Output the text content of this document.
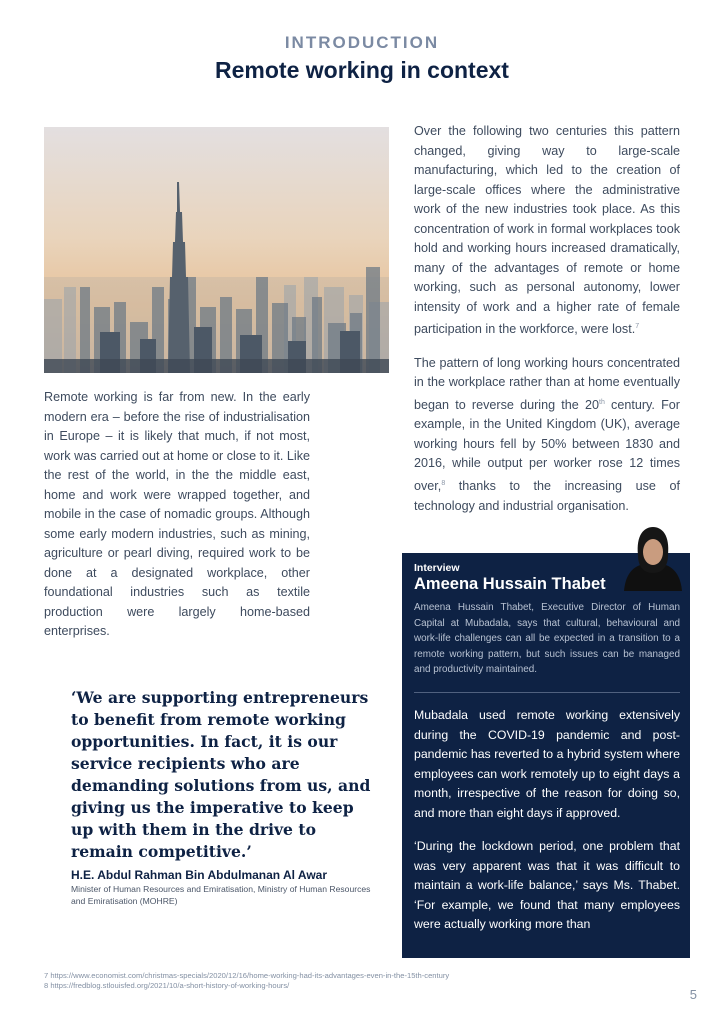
INTRODUCTION
Remote working in context

Remote working is far from new. In the early modern era – before the rise of industrialisation in Europe – it is likely that much, if not most, work was carried out at home or close to it. Like the rest of the world, in the the middle east, home and work were wrapped together, and mobile in the case of nomadic groups. Although some early modern industries, such as mining, agriculture or pearl diving, required work to be done at a designated workplace, other foundational industries such as textile production were largely home-based enterprises.

Over the following two centuries this pattern changed, giving way to large-scale manufacturing, which led to the creation of large-scale offices where the administrative work of the new industries took place. As this concentration of work in formal workplaces took hold and working hours increased dramatically, many of the advantages of remote or home working, such as personal autonomy, lower intensity of work and a higher rate of female participation in the workforce, were lost.$^7$

The pattern of long working hours concentrated in the workplace rather than at home eventually began to reverse during the 20th century. For example, in the United Kingdom (UK), average working hours fell by 50% between 1830 and 2016, while output per worker rose 12 times over,$^8$ thanks to the increasing use of technology and industrial organisation.

‘We are supporting entrepreneurs to benefit from remote working opportunities. In fact, it is our service recipients who are demanding solutions from us, and giving us the imperative to keep up with them in the drive to remain competitive.’
H.E. Abdul Rahman Bin Abdulmanan Al Awar
Minister of Human Resources and Emiratisation, Ministry of Human Resources and Emiratisation (MOHRE)
Interview
Ameena Hussain Thabet
Ameena Hussain Thabet, Executive Director of Human Capital at Mubadala, says that cultural, behavioural and work-life challenges can all be expected in a transition to a remote working pattern, but such issues can be managed and productivity maintained.

Mubadala used remote working extensively during the COVID-19 pandemic and post-pandemic has reverted to a hybrid system where employees can work remotely up to eight days a month, irrespective of the reason for doing so, and more than eight days if approved.

‘During the lockdown period, one problem that was very apparent was that it was difficult to maintain a work-life balance,’ says Ms. Thabet. ‘For example, we found that many employees were actually working more than

7 https://www.economist.com/christmas-specials/2020/12/16/home-working-had-its-advantages-even-in-the-15th-century
8 https://fredblog.stlouisfed.org/2021/10/a-short-history-of-working-hours/
5
